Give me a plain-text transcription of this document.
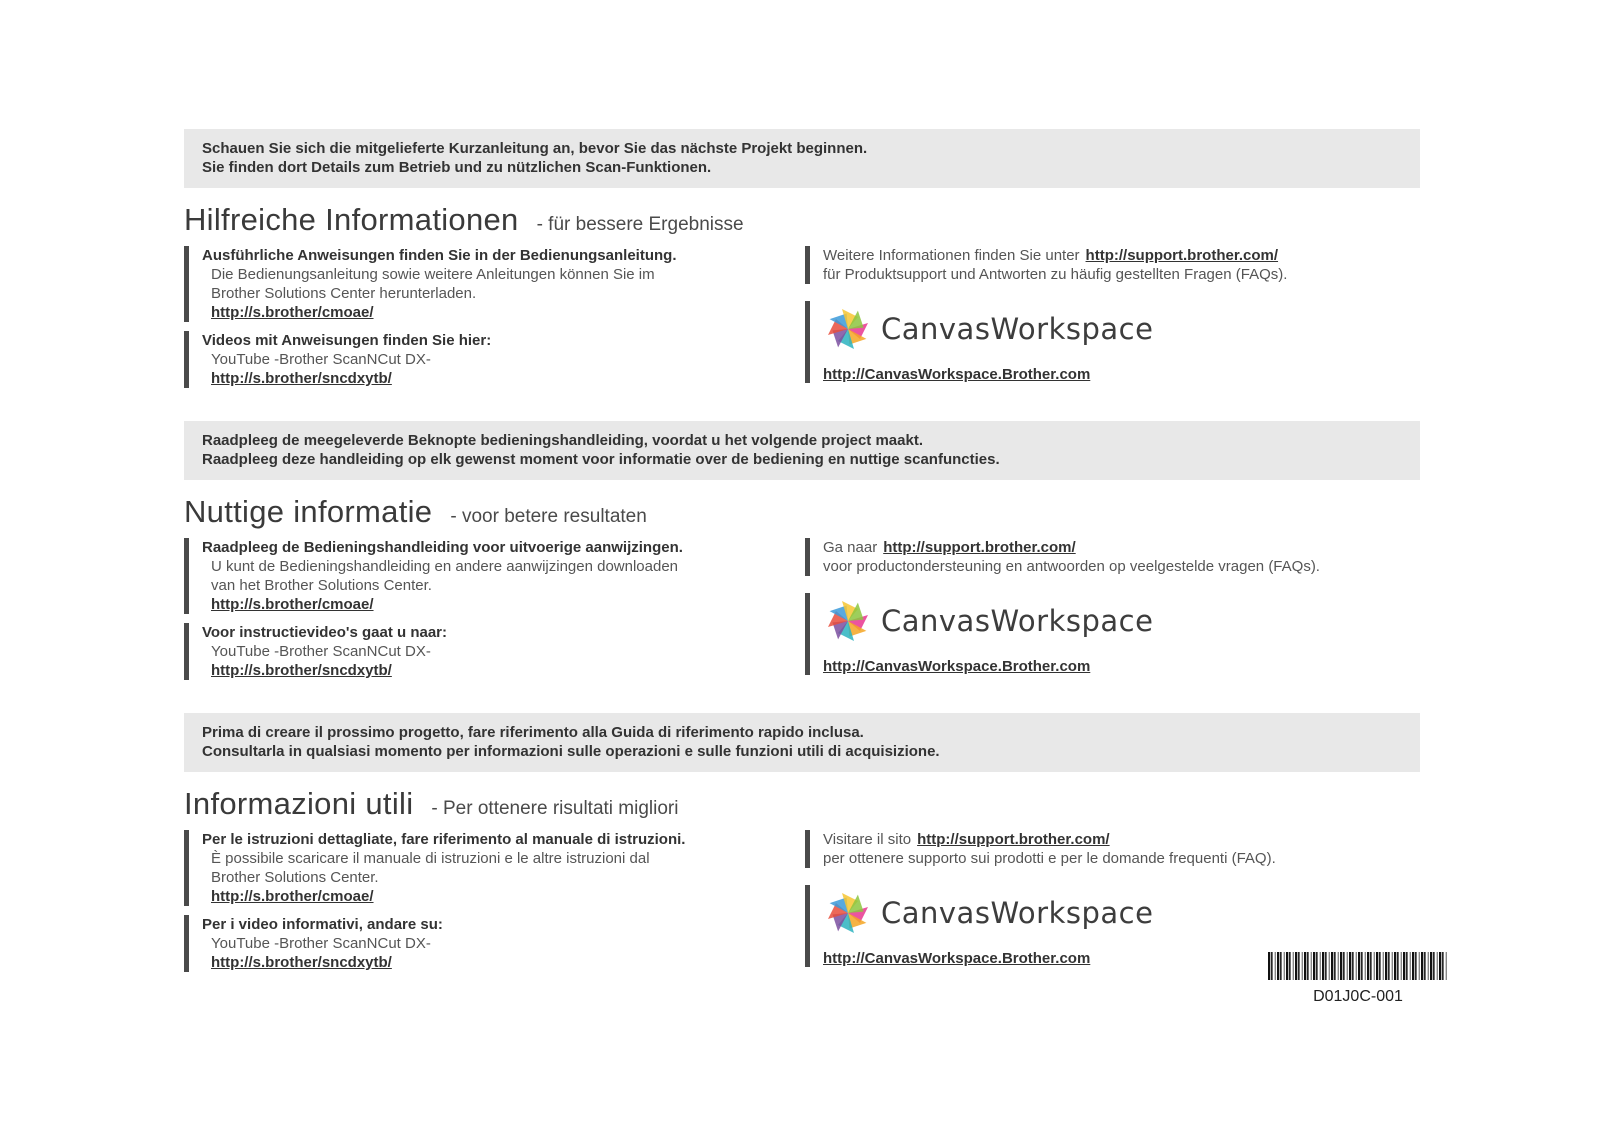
Schauen Sie sich die mitgelieferte Kurzanleitung an, bevor Sie das nächste Projekt beginnen.
Sie finden dort Details zum Betrieb und zu nützlichen Scan-Funktionen.
Hilfreiche Informationen - für bessere Ergebnisse
Ausführliche Anweisungen finden Sie in der Bedienungsanleitung.
Die Bedienungsanleitung sowie weitere Anleitungen können Sie im
Brother Solutions Center herunterladen.
http://s.brother/cmoae/
Videos mit Anweisungen finden Sie hier:
YouTube -Brother ScanNCut DX-
http://s.brother/sncdxytb/
Weitere Informationen finden Sie unter http://support.brother.com/
für Produktsupport und Antworten zu häufig gestellten Fragen (FAQs).
CanvasWorkspace
http://CanvasWorkspace.Brother.com
Raadpleeg de meegeleverde Beknopte bedieningshandleiding, voordat u het volgende project maakt.
Raadpleeg deze handleiding op elk gewenst moment voor informatie over de bediening en nuttige scanfuncties.
Nuttige informatie - voor betere resultaten
Raadpleeg de Bedieningshandleiding voor uitvoerige aanwijzingen.
U kunt de Bedieningshandleiding en andere aanwijzingen downloaden
van het Brother Solutions Center.
http://s.brother/cmoae/
Voor instructievideo's gaat u naar:
YouTube -Brother ScanNCut DX-
http://s.brother/sncdxytb/
Ga naar http://support.brother.com/
voor productondersteuning en antwoorden op veelgestelde vragen (FAQs).
CanvasWorkspace
http://CanvasWorkspace.Brother.com
Prima di creare il prossimo progetto, fare riferimento alla Guida di riferimento rapido inclusa.
Consultarla in qualsiasi momento per informazioni sulle operazioni e sulle funzioni utili di acquisizione.
Informazioni utili - Per ottenere risultati migliori
Per le istruzioni dettagliate, fare riferimento al manuale di istruzioni.
È possibile scaricare il manuale di istruzioni e le altre istruzioni dal
Brother Solutions Center.
http://s.brother/cmoae/
Per i video informativi, andare su:
YouTube -Brother ScanNCut DX-
http://s.brother/sncdxytb/
Visitare il sito http://support.brother.com/
per ottenere supporto sui prodotti e per le domande frequenti (FAQ).
CanvasWorkspace
http://CanvasWorkspace.Brother.com
D01J0C-001
